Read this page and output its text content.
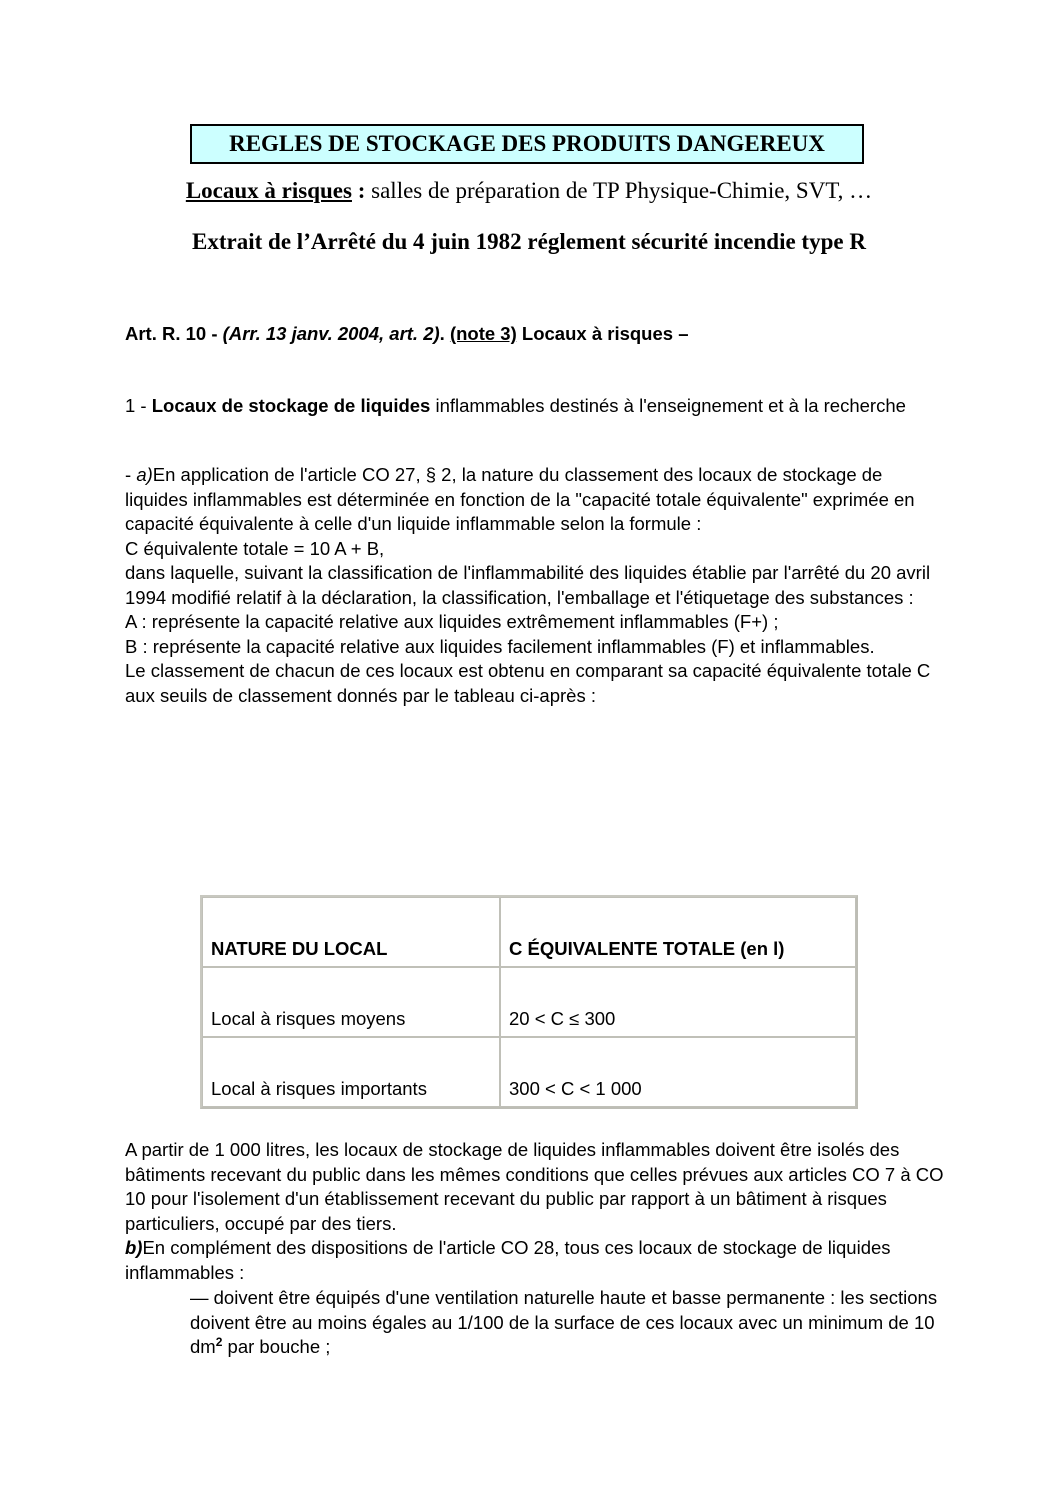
REGLES DE STOCKAGE DES PRODUITS DANGEREUX
Locaux à risques : salles de préparation de TP Physique-Chimie, SVT, …
Extrait de l’Arrêté du 4 juin 1982 réglement sécurité incendie type R
Art. R. 10 - (Arr. 13 janv. 2004, art. 2). (note 3) Locaux à risques –
1 - Locaux de stockage de liquides inflammables destinés à l'enseignement et à la recherche
- a)En application de l'article CO 27, § 2, la nature du classement des locaux de stockage de liquides inflammables est déterminée en fonction de la "capacité totale équivalente" exprimée en capacité équivalente à celle d'un liquide inflammable selon la formule :
C équivalente totale = 10 A + B,
dans laquelle, suivant la classification de l'inflammabilité des liquides établie par l'arrêté du 20 avril 1994 modifié relatif à la déclaration, la classification, l'emballage et l'étiquetage des substances :
A : représente la capacité relative aux liquides extrêmement inflammables (F+) ;
B : représente la capacité relative aux liquides facilement inflammables (F) et inflammables.
Le classement de chacun de ces locaux est obtenu en comparant sa capacité équivalente totale C aux seuils de classement donnés par le tableau ci-après :
NATURE DU LOCAL	C ÉQUIVALENTE TOTALE (en l)
Local à risques moyens	20 < C ≤ 300
Local à risques importants	300 < C < 1 000
A partir de 1 000 litres, les locaux de stockage de liquides inflammables doivent être isolés des bâtiments recevant du public dans les mêmes conditions que celles prévues aux articles CO 7 à CO 10 pour l'isolement d'un établissement recevant du public par rapport à un bâtiment à risques particuliers, occupé par des tiers.
b)En complément des dispositions de l'article CO 28, tous ces locaux de stockage de liquides inflammables :
— doivent être équipés d'une ventilation naturelle haute et basse permanente : les sections doivent être au moins égales au 1/100 de la surface de ces locaux avec un minimum de 10 $dm^2$ par bouche ;
